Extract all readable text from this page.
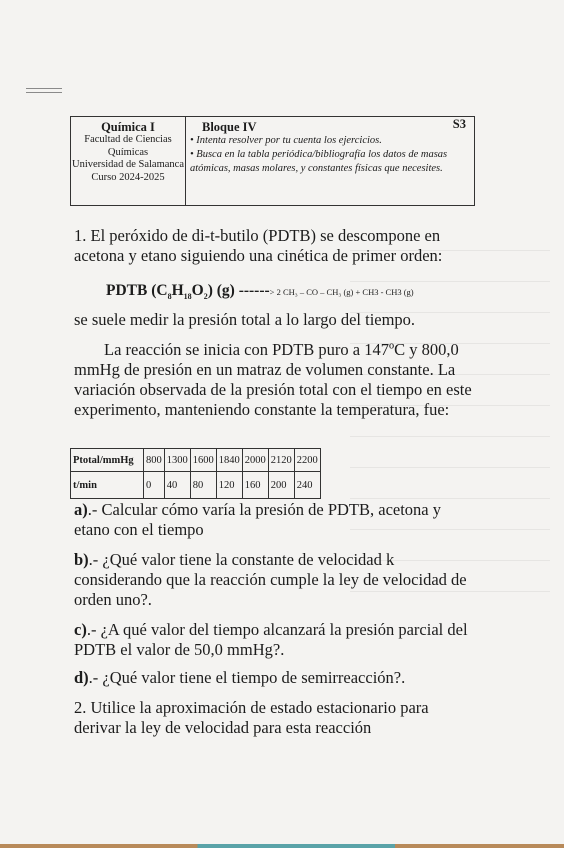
Química I
Facultad de Ciencias Químicas
Universidad de Salamanca
Curso 2024-2025
Bloque IV	S3
• Intenta resolver por tu cuenta los ejercicios.
• Busca en la tabla periódica/bibliografía los datos de masas atómicas, masas molares, y constantes físicas que necesites.
1. El peróxido de di-t-butilo (PDTB) se descompone en acetona y etano siguiendo una cinética de primer orden:
PDTB $(C_8H_{18}O_2)$ (g) ------> 2 CH₃ – CO – CH₃ (g) + CH3 - CH3 (g)
se suele medir la presión total a lo largo del tiempo.
La reacción se inicia con PDTB puro a 147ºC y 800,0 mmHg de presión en un matraz de volumen constante. La variación observada de la presión total con el tiempo en este experimento, manteniendo constante la temperatura, fue:
Ptotal/mmHg	800	1300	1600	1840	2000	2120	2200
t/min	0	40	80	120	160	200	240
a).- Calcular cómo varía la presión de PDTB, acetona y etano con el tiempo
b).- ¿Qué valor tiene la constante de velocidad k considerando que la reacción cumple la ley de velocidad de orden uno?.
c).- ¿A qué valor del tiempo alcanzará la presión parcial del PDTB el valor de 50,0 mmHg?.
d).- ¿Qué valor tiene el tiempo de semirreacción?.
2. Utilice la aproximación de estado estacionario para derivar la ley de velocidad para esta reacción
